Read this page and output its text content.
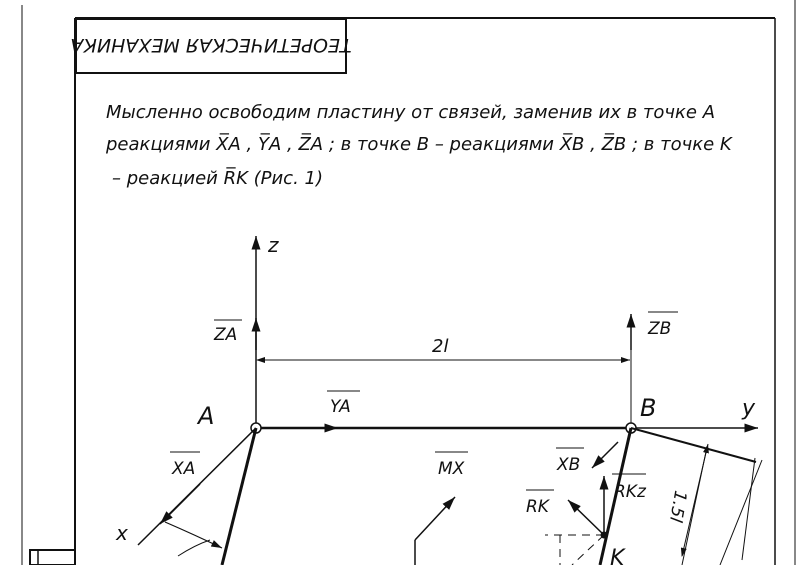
ТЕОРЕТИЧЕСКАЯ МЕХАНИКА
Мысленно освободим пластину от связей, заменив их в точке A
реакциями X̅A , Y̅A , Z̅A ; в точке B – реакциями X̅B , Z̅B ; в точке K
– реакцией R̅K (Рис. 1)
z
ZA	ZB
2l
YA	y
A	B
XA
x
MX	XB
RKz
RK
K
1.5l
